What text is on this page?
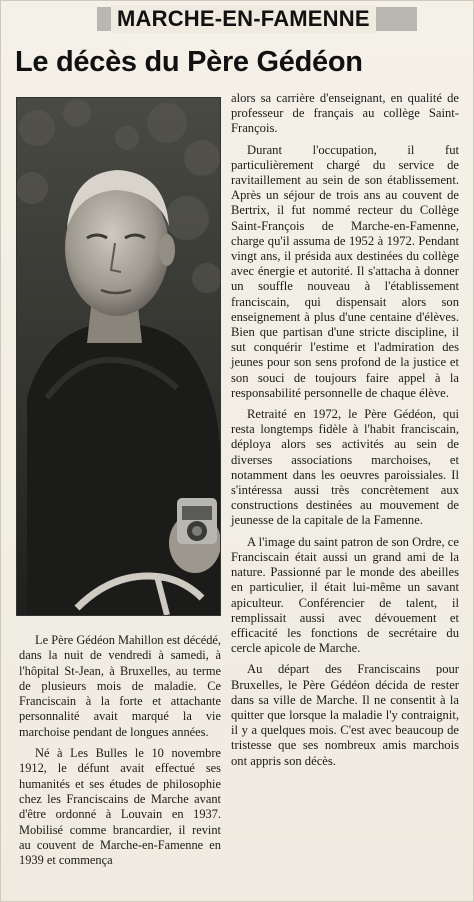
MARCHE-EN-FAMENNE
Le décès du Père Gédéon

Le Père Gédéon Mahillon est décédé, dans la nuit de vendredi à samedi, à l'hôpital St-Jean, à Bruxelles, au terme de plusieurs mois de maladie. Ce Franciscain à la forte et attachante personnalité avait marqué la vie marchoise pendant de longues années.

Né à Les Bulles le 10 novembre 1912, le défunt avait effectué ses humanités et ses études de philosophie chez les Franciscains de Marche avant d'être ordonné à Louvain en 1937. Mobilisé comme brancardier, il revint au couvent de Marche-en-Famenne en 1939 et commença

alors sa carrière d'enseignant, en qualité de professeur de français au collège Saint-François.

Durant l'occupation, il fut particulièrement chargé du service de ravitaillement au sein de son établissement. Après un séjour de trois ans au couvent de Bertrix, il fut nommé recteur du Collège Saint-François de Marche-en-Famenne, charge qu'il assuma de 1952 à 1972. Pendant vingt ans, il présida aux destinées du collège avec énergie et autorité. Il s'attacha à donner un souffle nouveau à l'établissement franciscain, qui dispensait alors son enseignement à plus d'une centaine d'élèves. Bien que partisan d'une stricte discipline, il sut conquérir l'estime et l'admiration des jeunes pour son sens profond de la justice et son souci de toujours faire appel à la responsabilité personnelle de chaque élève.

Retraité en 1972, le Père Gédéon, qui resta longtemps fidèle à l'habit franciscain, déploya alors ses activités au sein de diverses associations marchoises, et notamment dans les oeuvres paroissiales. Il s'intéressa aussi très concrètement aux constructions destinées au mouvement de jeunesse de la capitale de la Famenne.

A l'image du saint patron de son Ordre, ce Franciscain était aussi un grand ami de la nature. Passionné par le monde des abeilles en particulier, il était lui-même un savant apiculteur. Conférencier de talent, il remplissait aussi avec dévouement et efficacité les fonctions de secrétaire du cercle apicole de Marche.

Au départ des Franciscains pour Bruxelles, le Père Gédéon décida de rester dans sa ville de Marche. Il ne consentit à la quitter que lorsque la maladie l'y contraignit, il y a quelques mois. C'est avec beaucoup de tristesse que ses nombreux amis marchois ont appris son décès.
